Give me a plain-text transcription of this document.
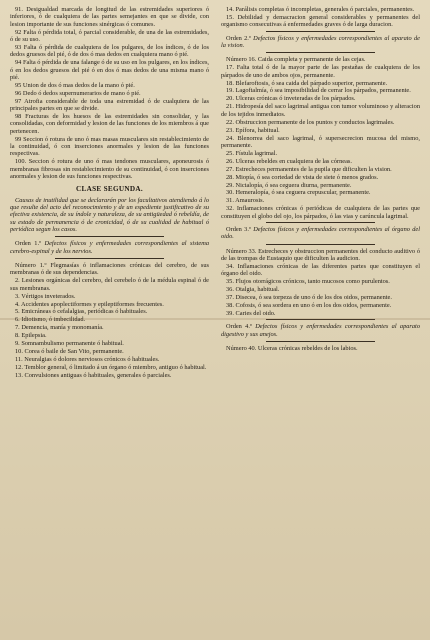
91. Desigualdad marcada de longitud de las estremidades superiores ó inferiores, ó de cualquiera de las partes semejantes en que se divide, con lesion importante de sus funciones sinérgicas ó comunes.

92 Falta ó pérdida total, ó parcial considerable, de una de las estremidades, ó de su uso.

93 Falta ó pérdida de cualquiera de los pulgares, de los índices, ó de los dedos gruesos del pié, ó de dos ó mas dedos en cualquiera mano ó pié.

94 Falta ó pérdida de una falange ó de su uso en los pulgares, en los índices, ó en los dedos gruesos del pié ó en dos ó mas dedos de una misma mano ó pié.

95 Union de dos ó mas dedos de la mano ó pié.

96 Dedo ó dedos supernumerarios de mano ó pié.

97 Atrofia considerable de toda una estremidad ó de cualquiera de las principales partes en que se divide.

98 Fracturas de los huesos de las estremidades sin consolidar, y las consolidadas, con deformidad y lesion de las funciones de los miembros á que pertenecen.

99 Seccion ó rotura de uno ó mas masas musculares sin restablecimiento de la continuidad, ó con inserciones anormales y lesion de las funciones respectivas.

100. Seccion ó rotura de uno ó mas tendones musculares, aponeurosis ó membranas fibrosas sin restablecimiento de su continuidad, ó con inserciones anormales y lesion de sus funciones respectivas.

CLASE SEGUNDA.

Causas de inutilidad que se declararán por los facultativos atendiendo á lo que resulte del acto del reconocimiento y de un espediente justificativo de su efectiva existencia, de su índole y naturaleza, de su antigüedad ó rebeldía, de su estado de permanencia ó de cronicidad, ó de su cualidad de habitual ó periódica segun los casos.

Orden 1.º Defectos físicos y enfermedades correspondientes al sistema cerebro-espinal y de los nervios.

Número 1.º Flegmasías ó inflamaciones crónicas del cerebro, de sus membranas ó de sus dependencias.

2. Lesiones orgánicas del cerebro, del cerebelo ó de la médula espinal ó de sus membranas.

3. Vértigos inveterados.

4. Accidentes apoplectiformes y epileptiformes frecuentes.

5. Emicráneas ó cefalalgias, periódicas ó habituales.

6. Idiotismo, ó imbecilidad.

7. Demencia, manía y monomanía.

8. Epilepsia.

9. Somnambulismo permanente ó habitual.

10. Corea ó baile de San Vito, permanente.

11. Neuralgias ó dolores nerviosos crónicos ó habituales.

12. Temblor general, ó limitado á un órgano ó miembro, antiguo ó habitual.

13. Convulsiones antiguas ó habituales, generales ó parciales.

14. Parálisis completas ó incompletas, generales ó parciales, permanentes.

15. Debilidad y demacracion general considerables y permanentes del organismo consecutivas á enfermedades graves ó de larga duracion.

Orden 2.º Defectos físicos y enfermedades correspondientes al aparato de la vision.

Número 16. Caida completa y permanente de las cejas.

17. Falta total ó de la mayor parte de las pestañas de cualquiera de los párpados de uno de ambos ojos, permanente.

18. Blefaroftosis, ó sea caida del párpado superior, permanente.

19. Lagoftalmía, ó sea imposibilidad de cerrar los párpados, permanente.

20. Ulceras crónicas ó inveteradas de los párpados.

21. Hidropesía del saco lagrimal antigua con tumor voluminoso y alteracion de los tejidos inmediatos.

22. Obstruccion permanente de los puntos y conductos lagrimales.

23. Epífora, habitual.

24. Blenorrea del saco lagrimal, ó supersecrecion mucosa del mismo, permanente.

25. Fístula lagrimal.

26. Ulceras rebeldes en cualquiera de las córneas.

27. Estrecheces permanentes de la pupila que dificulten la vision.

28. Miopía, ó sea cortedad de vista de siete ó menos grados.

29. Nictalopía, ó sea ceguera diurna, permanente.

30. Hemeralopía, ó sea ceguera crepuscular, permanente.

31. Amaurosis.

32. Inflamaciones crónicas ó periódicas de cualquiera de las partes que constituyen el globo del ojo, los párpados, ó las vias y carúncula lagrimal.

Orden 3.º Defectos físicos y enfermedades correspondientes al órgano del oido.

Número 33. Estrecheces y obstruccion permanentes del conducto auditivo ó de las trompas de Eustaquio que dificulten la audicion.

34. Inflamaciones crónicas de las diferentes partes que constituyen el órgano del oido.

35. Flujos otorrágicos crónicos, tanto mucosos como purulentos.

36. Otalgia, habitual.

37. Disecea, ó sea torpeza de uno ó de los dos oidos, permanente.

38. Cofosis, ó sea sordera en uno ó en los dos oidos, permanente.

39. Caries del oido.

Orden 4.º Defectos físicos y enfermedades correspondientes al aparato digestivo y sus anejos.

Número 40. Ulceras crónicas rebeldes de los labios.
